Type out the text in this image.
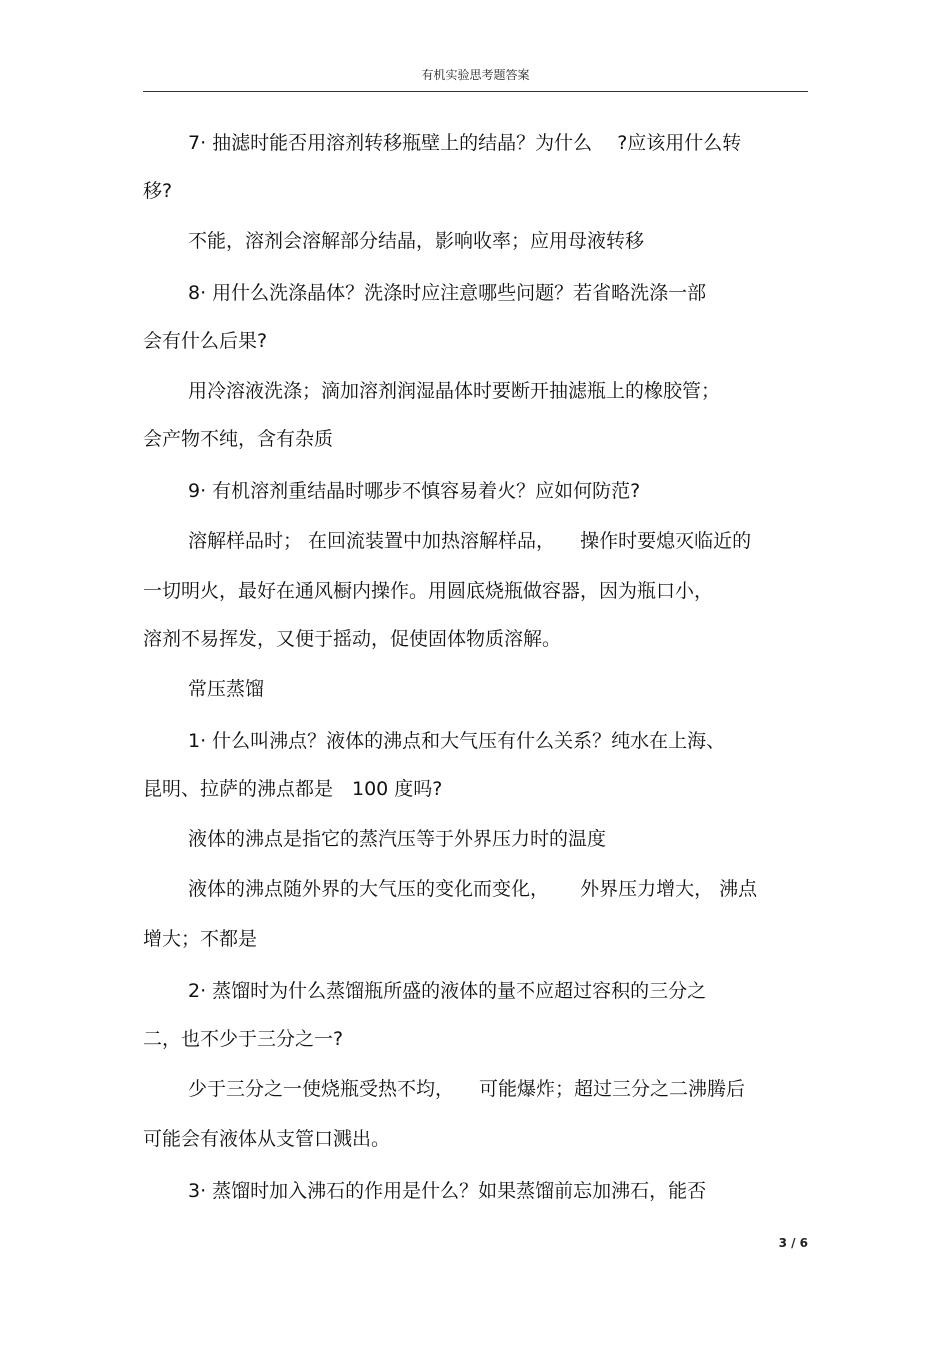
有机实验思考题答案
7· 抽滤时能否用溶剂转移瓶壁上的结晶？为什么　 ?应该用什么转
移?
不能，溶剂会溶解部分结晶，影响收率；应用母液转移
8· 用什么洗涤晶体？洗涤时应注意哪些问题？若省略洗涤一部
会有什么后果?
用冷溶液洗涤；滴加溶剂润湿晶体时要断开抽滤瓶上的橡胶管；
会产物不纯，含有杂质
9· 有机溶剂重结晶时哪步不慎容易着火？应如何防范?
溶解样品时； 在回流装置中加热溶解样品， 　操作时要熄灭临近的
一切明火，最好在通风橱内操作。用圆底烧瓶做容器，因为瓶口小，
溶剂不易挥发，又便于摇动，促使固体物质溶解。
常压蒸馏
1· 什么叫沸点？液体的沸点和大气压有什么关系？纯水在上海、
昆明、拉萨的沸点都是　100 度吗?
液体的沸点是指它的蒸汽压等于外界压力时的温度
液体的沸点随外界的大气压的变化而变化， 　 外界压力增大， 沸点
增大；不都是
2· 蒸馏时为什么蒸馏瓶所盛的液体的量不应超过容积的三分之
二，也不少于三分之一?
少于三分之一使烧瓶受热不均， 　可能爆炸；超过三分之二沸腾后
可能会有液体从支管口溅出。
3· 蒸馏时加入沸石的作用是什么？如果蒸馏前忘加沸石，能否
3 / 6
